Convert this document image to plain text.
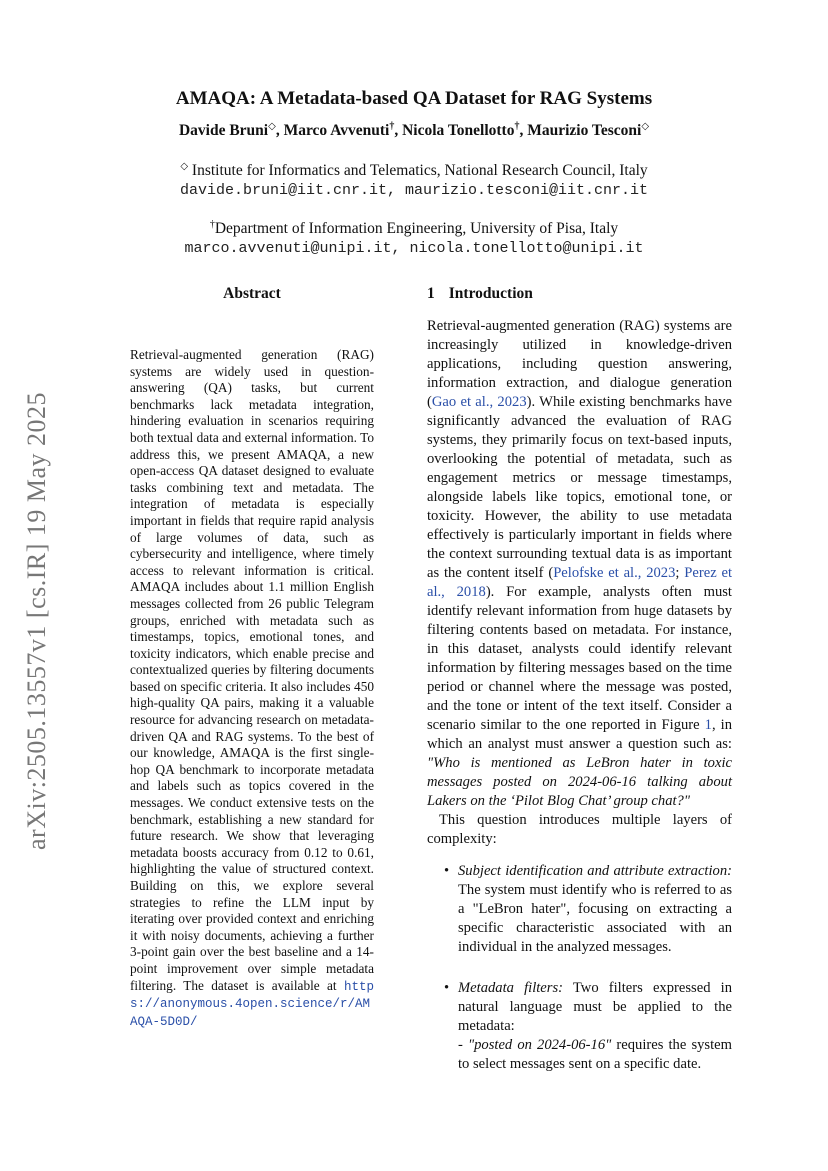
arXiv:2505.13557v1 [cs.IR] 19 May 2025
AMAQA: A Metadata-based QA Dataset for RAG Systems
Davide Bruni◇, Marco Avvenuti†, Nicola Tonellotto†, Maurizio Tesconi◇
◇ Institute for Informatics and Telematics, National Research Council, Italy
davide.bruni@iit.cnr.it, maurizio.tesconi@iit.cnr.it
†Department of Information Engineering, University of Pisa, Italy
marco.avvenuti@unipi.it, nicola.tonellotto@unipi.it
Abstract
Retrieval-augmented generation (RAG) systems are widely used in question-answering (QA) tasks, but current benchmarks lack metadata integration, hindering evaluation in scenarios requiring both textual data and external information. To address this, we present AMAQA, a new open-access QA dataset designed to evaluate tasks combining text and metadata. The integration of metadata is especially important in fields that require rapid analysis of large volumes of data, such as cybersecurity and intelligence, where timely access to relevant information is critical. AMAQA includes about 1.1 million English messages collected from 26 public Telegram groups, enriched with metadata such as timestamps, topics, emotional tones, and toxicity indicators, which enable precise and contextualized queries by filtering documents based on specific criteria. It also includes 450 high-quality QA pairs, making it a valuable resource for advancing research on metadata-driven QA and RAG systems. To the best of our knowledge, AMAQA is the first single-hop QA benchmark to incorporate metadata and labels such as topics covered in the messages. We conduct extensive tests on the benchmark, establishing a new standard for future research. We show that leveraging metadata boosts accuracy from 0.12 to 0.61, highlighting the value of structured context. Building on this, we explore several strategies to refine the LLM input by iterating over provided context and enriching it with noisy documents, achieving a further 3-point gain over the best baseline and a 14-point improvement over simple metadata filtering. The dataset is available at https://anonymous.4open.science/r/AMAQA-5D0D/
1 Introduction

Retrieval-augmented generation (RAG) systems are increasingly utilized in knowledge-driven applications, including question answering, information extraction, and dialogue generation (Gao et al., 2023). While existing benchmarks have significantly advanced the evaluation of RAG systems, they primarily focus on text-based inputs, overlooking the potential of metadata, such as engagement metrics or message timestamps, alongside labels like topics, emotional tone, or toxicity. However, the ability to use metadata effectively is particularly important in fields where the context surrounding textual data is as important as the content itself (Pelofske et al., 2023; Perez et al., 2018). For example, analysts often must identify relevant information from huge datasets by filtering contents based on metadata. For instance, in this dataset, analysts could identify relevant information by filtering messages based on the time period or channel where the message was posted, and the tone or intent of the text itself. Consider a scenario similar to the one reported in Figure 1, in which an analyst must answer a question such as: "Who is mentioned as LeBron hater in toxic messages posted on 2024-06-16 talking about Lakers on the ‘Pilot Blog Chat’ group chat?"

This question introduces multiple layers of complexity:

• Subject identification and attribute extraction: The system must identify who is referred to as a "LeBron hater", focusing on extracting a specific characteristic associated with an individual in the analyzed messages.
• Metadata filters: Two filters expressed in natural language must be applied to the metadata:
- "posted on 2024-06-16" requires the system to select messages sent on a specific date.
